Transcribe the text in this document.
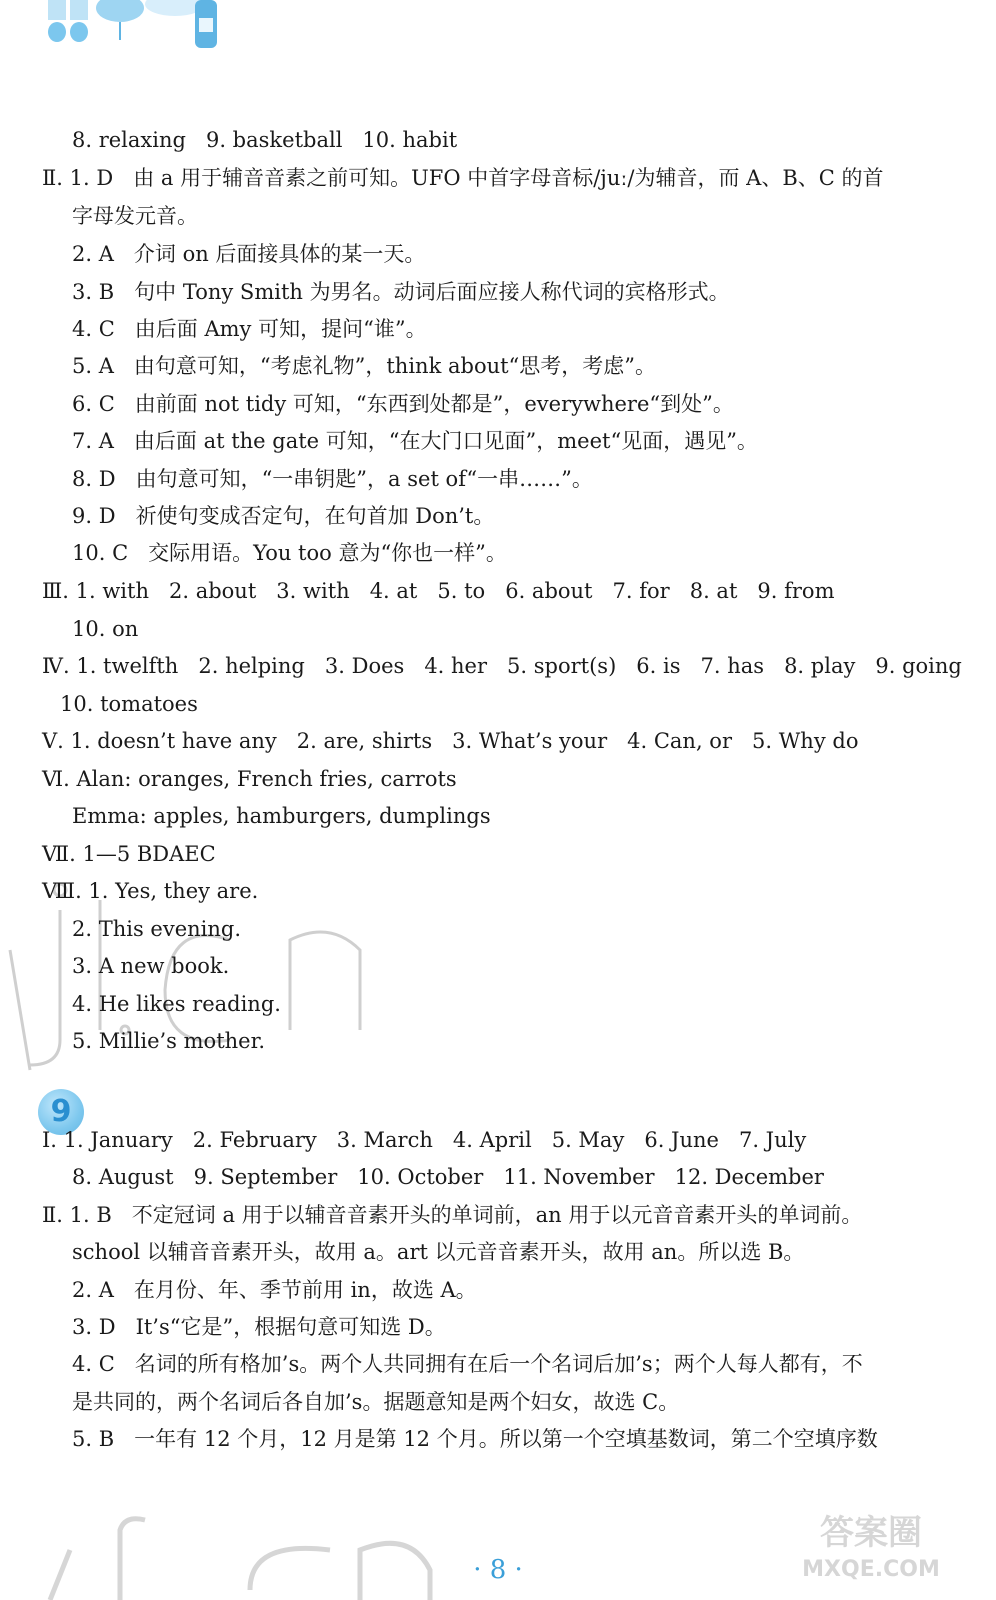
9
8. relaxing   9. basketball   10. habit
Ⅱ. 1. D   由 a 用于辅音音素之前可知。UFO 中首字母音标/juː/为辅音，而 A、B、C 的首
字母发元音。
2. A   介词 on 后面接具体的某一天。
3. B   句中 Tony Smith 为男名。动词后面应接人称代词的宾格形式。
4. C   由后面 Amy 可知，提问“谁”。
5. A   由句意可知，“考虑礼物”，think about“思考，考虑”。
6. C   由前面 not tidy 可知，“东西到处都是”，everywhere“到处”。
7. A   由后面 at the gate 可知，“在大门口见面”，meet“见面，遇见”。
8. D   由句意可知，“一串钥匙”，a set of“一串……”。
9. D   祈使句变成否定句，在句首加 Don’t。
10. C   交际用语。You too 意为“你也一样”。
Ⅲ. 1. with   2. about   3. with   4. at   5. to   6. about   7. for   8. at   9. from
10. on
Ⅳ. 1. twelfth   2. helping   3. Does   4. her   5. sport(s)   6. is   7. has   8. play   9. going
10. tomatoes
Ⅴ. 1. doesn’t have any   2. are, shirts   3. What’s your   4. Can, or   5. Why do
Ⅵ. Alan: oranges, French fries, carrots
Emma: apples, hamburgers, dumplings
Ⅶ. 1—5 BDAEC
Ⅷ. 1. Yes, they are.
2. This evening.
3. A new book.
4. He likes reading.
5. Millie’s mother.
Ⅰ. 1. January   2. February   3. March   4. April   5. May   6. June   7. July
8. August   9. September   10. October   11. November   12. December
Ⅱ. 1. B   不定冠词 a 用于以辅音音素开头的单词前，an 用于以元音音素开头的单词前。
school 以辅音音素开头，故用 a。art 以元音音素开头，故用 an。所以选 B。
2. A   在月份、年、季节前用 in，故选 A。
3. D   It’s“它是”，根据句意可知选 D。
4. C   名词的所有格加’s。两个人共同拥有在后一个名词后加’s；两个人每人都有，不
是共同的，两个名词后各自加’s。据题意知是两个妇女，故选 C。
5. B   一年有 12 个月，12 月是第 12 个月。所以第一个空填基数词，第二个空填序数
答案圈
MXQE.COM
· 8 ·
